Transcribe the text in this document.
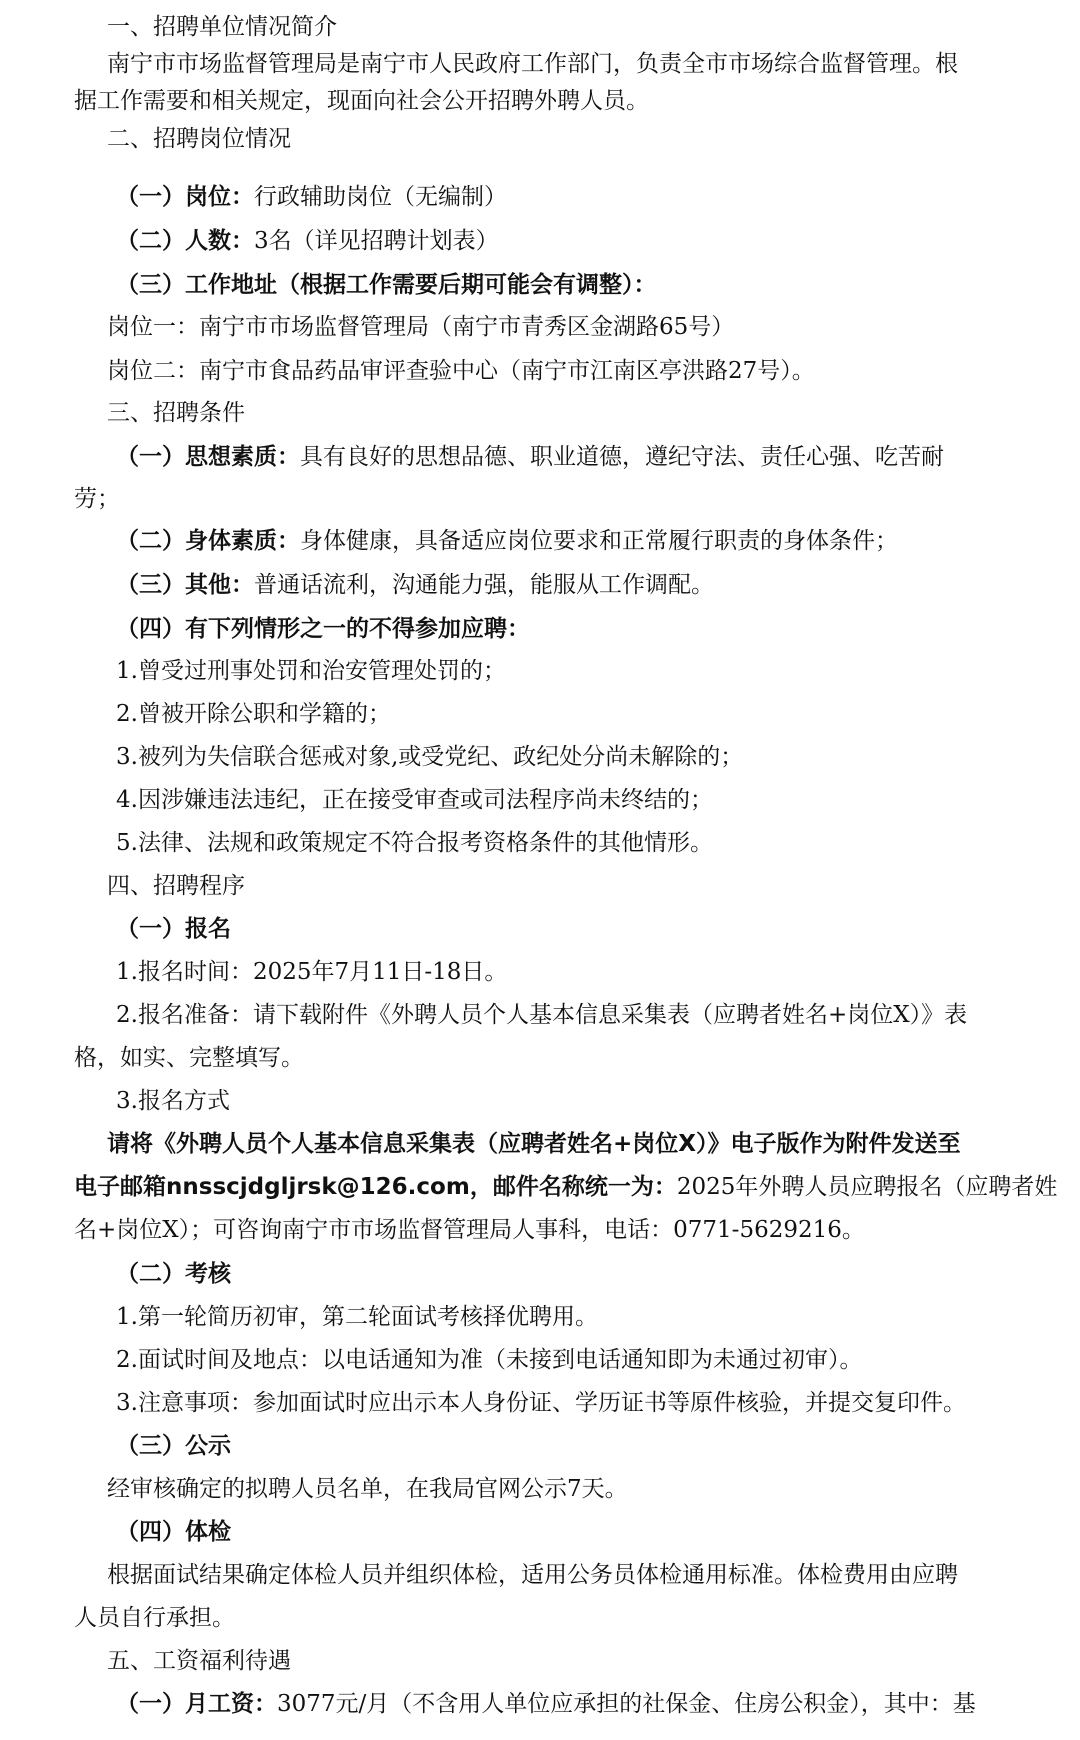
一、招聘单位情况简介
南宁市市场监督管理局是南宁市人民政府工作部门，负责全市市场综合监督管理。根
据工作需要和相关规定，现面向社会公开招聘外聘人员。
二、招聘岗位情况
（一）岗位： 行政辅助岗位（无编制）
（二）人数： 3名（详见招聘计划表）
（三）工作地址（根据工作需要后期可能会有调整）：
岗位一：南宁市市场监督管理局（南宁市青秀区金湖路65号）
岗位二：南宁市食品药品审评查验中心（南宁市江南区亭洪路27号）。
三、招聘条件
（一）思想素质： 具有良好的思想品德、职业道德，遵纪守法、责任心强、吃苦耐
劳；
（二）身体素质： 身体健康，具备适应岗位要求和正常履行职责的身体条件；
（三）其他： 普通话流利，沟通能力强，能服从工作调配。
（四）有下列情形之一的不得参加应聘：
1.曾受过刑事处罚和治安管理处罚的；
2.曾被开除公职和学籍的；
3.被列为失信联合惩戒对象,或受党纪、政纪处分尚未解除的；
4.因涉嫌违法违纪，正在接受审查或司法程序尚未终结的；
5.法律、法规和政策规定不符合报考资格条件的其他情形。
四、招聘程序
（一）报名
1.报名时间：2025年7月11日-18日。
2.报名准备：请下载附件《外聘人员个人基本信息采集表（应聘者姓名+岗位X）》表
格，如实、完整填写。
3.报名方式
请将《外聘人员个人基本信息采集表（应聘者姓名+岗位X）》电子版作为附件发送至
电子邮箱nnsscjdgljrsk@126.com，邮件名称统一为： 2025年外聘人员应聘报名（应聘者姓
名+岗位X）；可咨询南宁市市场监督管理局人事科，电话：0771-5629216。
（二）考核
1.第一轮简历初审，第二轮面试考核择优聘用。
2.面试时间及地点：以电话通知为准（未接到电话通知即为未通过初审）。
3.注意事项：参加面试时应出示本人身份证、学历证书等原件核验，并提交复印件。
（三）公示
经审核确定的拟聘人员名单，在我局官网公示7天。
（四）体检
根据面试结果确定体检人员并组织体检，适用公务员体检通用标准。体检费用由应聘
人员自行承担。
五、工资福利待遇
（一）月工资： 3077元/月（不含用人单位应承担的社保金、住房公积金），其中：基
